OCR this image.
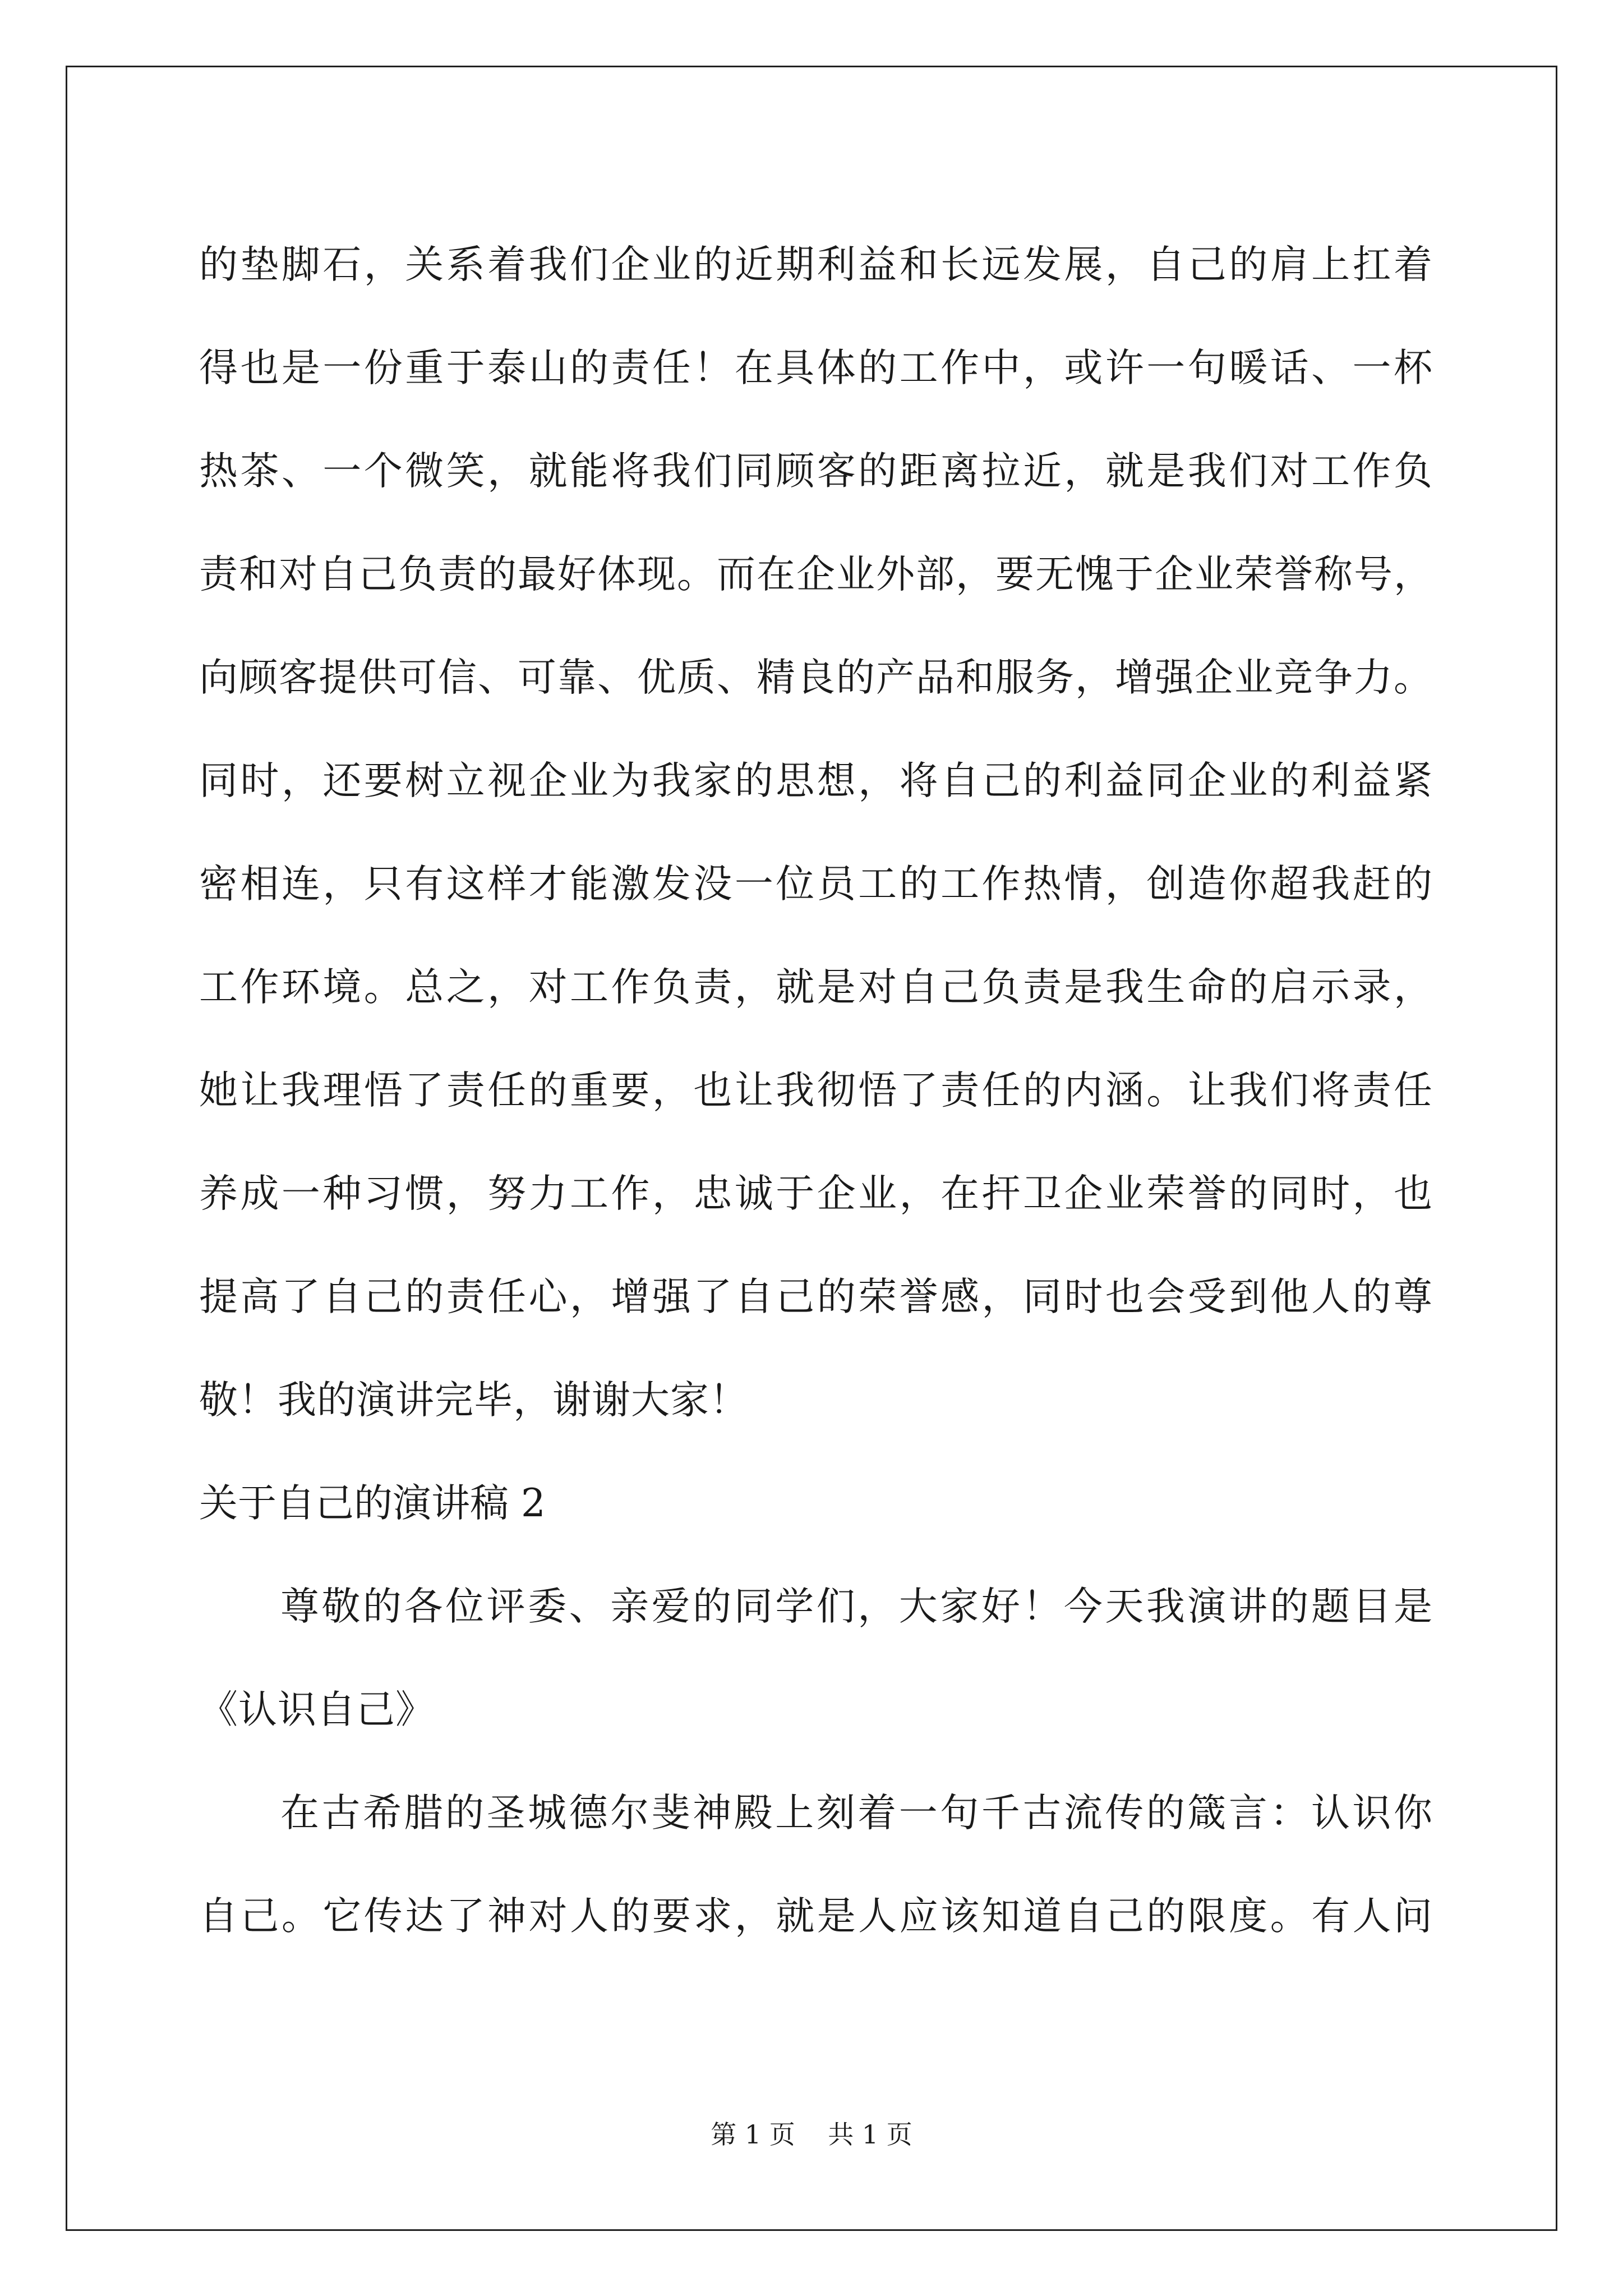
的垫脚石，关系着我们企业的近期利益和长远发展，自己的肩上扛着
得也是一份重于泰山的责任！在具体的工作中，或许一句暖话、一杯
热茶、一个微笑，就能将我们同顾客的距离拉近，就是我们对工作负
责和对自己负责的最好体现。而在企业外部，要无愧于企业荣誉称号，
向顾客提供可信、可靠、优质、精良的产品和服务，增强企业竞争力。
同时，还要树立视企业为我家的思想，将自己的利益同企业的利益紧
密相连，只有这样才能激发没一位员工的工作热情，创造你超我赶的
工作环境。总之，对工作负责，就是对自己负责是我生命的启示录，
她让我理悟了责任的重要，也让我彻悟了责任的内涵。让我们将责任
养成一种习惯，努力工作，忠诚于企业，在扞卫企业荣誉的同时，也
提高了自己的责任心，增强了自己的荣誉感，同时也会受到他人的尊
敬！我的演讲完毕，谢谢大家！
关于自己的演讲稿 2
尊敬的各位评委、亲爱的同学们，大家好！今天我演讲的题目是
《认识自己》
在古希腊的圣城德尔斐神殿上刻着一句千古流传的箴言：认识你
自己。它传达了神对人的要求，就是人应该知道自己的限度。有人问
第 1 页 共 1 页
